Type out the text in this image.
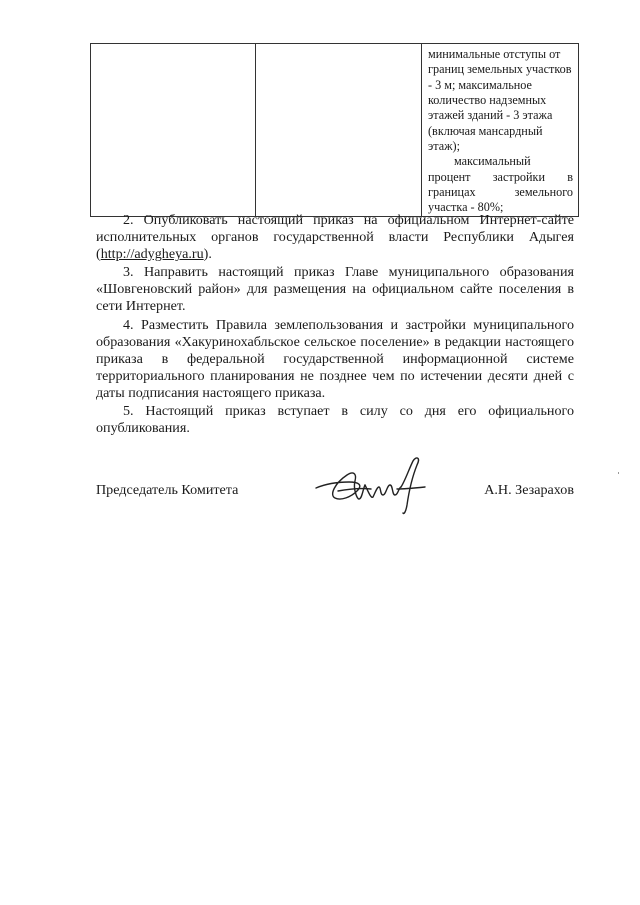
минимальные отступы от
границ земельных участков
- 3 м; максимальное
количество надземных
этажей зданий - 3 этажа
(включая мансардный
этаж);
максимальный
процент застройки в
границах земельного
участка - 80%;

2. Опубликовать настоящий приказ на официальном Интернет-сайте исполнительных органов государственной власти Республики Адыгея (http://adygheya.ru).

3. Направить настоящий приказ Главе муниципального образования «Шовгеновский район» для размещения на официальном сайте поселения в сети Интернет.

4. Разместить Правила землепользования и застройки муниципального образования «Хакуринохабльское сельское поселение» в редакции настоящего приказа в федеральной государственной информационной системе территориального планирования не позднее чем по истечении десяти дней с даты подписания настоящего приказа.

5. Настоящий приказ вступает в силу со дня его официального опубликования.

Председатель Комитета	А.Н. Зезарахов
